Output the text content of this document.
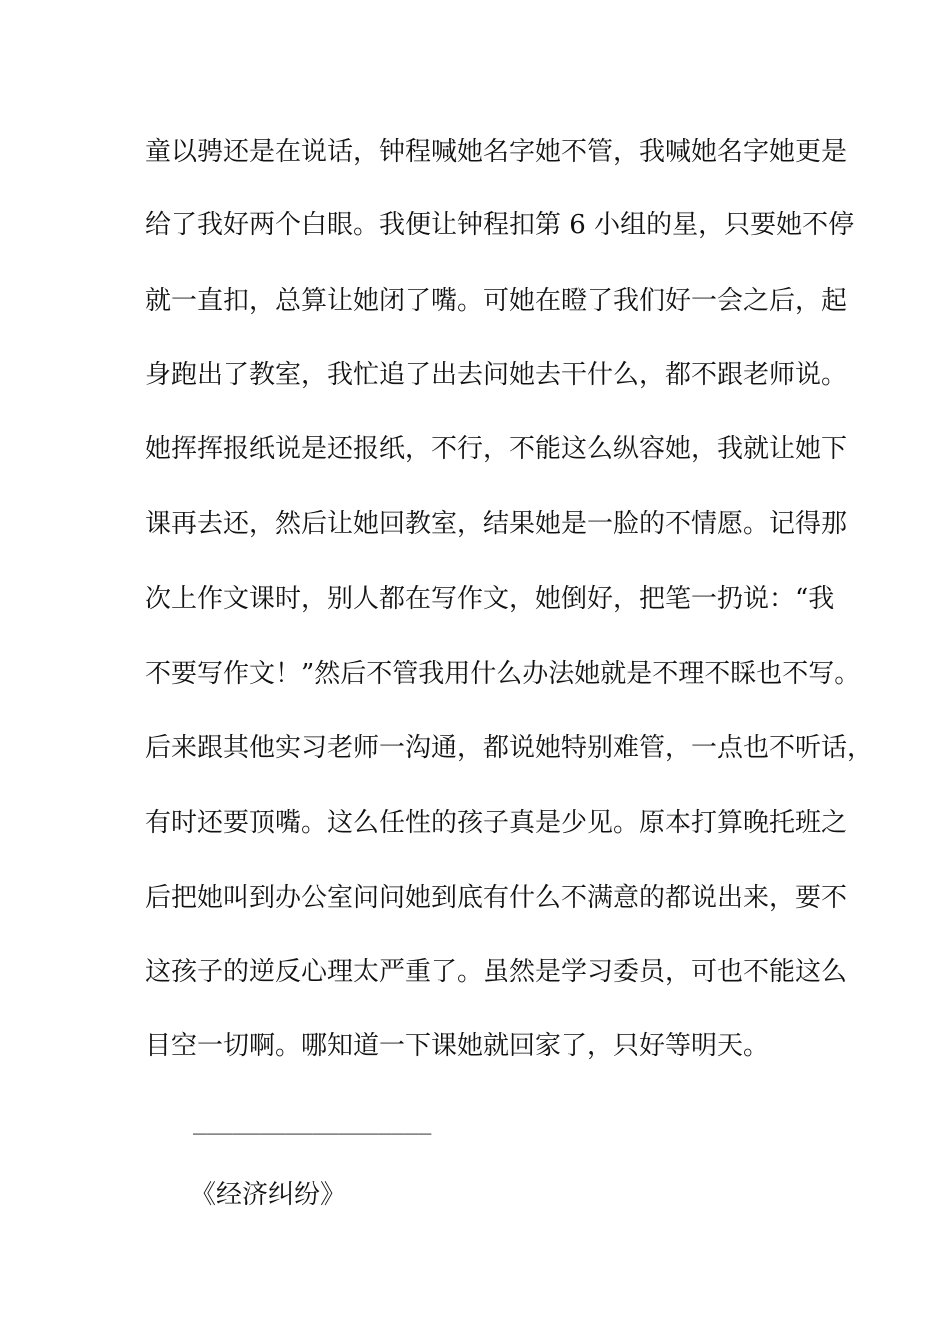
童以骋还是在说话，钟程喊她名字她不管，我喊她名字她更是
给了我好两个白眼。我便让钟程扣第 6 小组的星，只要她不停
就一直扣，总算让她闭了嘴。可她在瞪了我们好一会之后，起
身跑出了教室，我忙追了出去问她去干什么，都不跟老师说。
她挥挥报纸说是还报纸，不行，不能这么纵容她，我就让她下
课再去还，然后让她回教室，结果她是一脸的不情愿。记得那
次上作文课时，别人都在写作文，她倒好，把笔一扔说：“我
不要写作文！”然后不管我用什么办法她就是不理不睬也不写。
后来跟其他实习老师一沟通，都说她特别难管，一点也不听话，
有时还要顶嘴。这么任性的孩子真是少见。原本打算晚托班之
后把她叫到办公室问问她到底有什么不满意的都说出来，要不
这孩子的逆反心理太严重了。虽然是学习委员，可也不能这么
目空一切啊。哪知道一下课她就回家了，只好等明天。
__________________
《经济纠纷》
